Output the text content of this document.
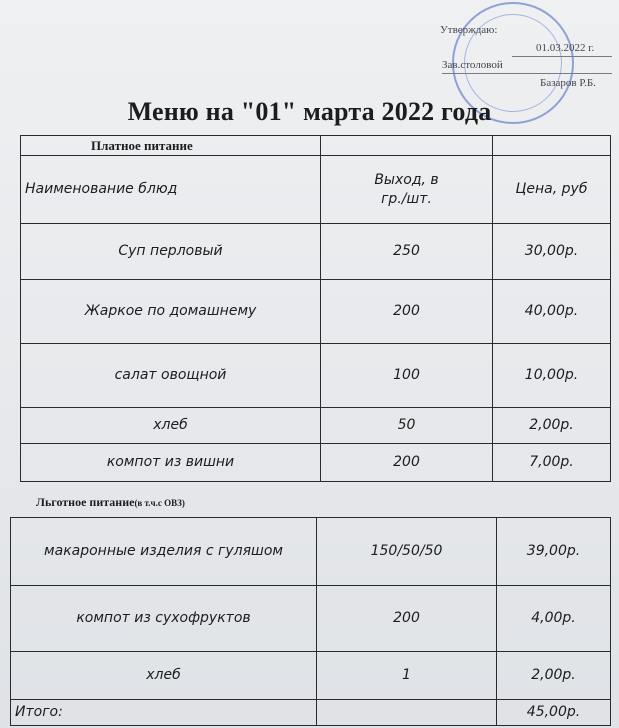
Утверждаю:
01.03.2022 г.
Зав.столовой
Базаров Р.Б.
Меню на "01" марта 2022 года
Платное питание		
Наименование блюд	Выход, в гр./шт.	Цена, руб
Суп перловый	250	30,00р.
Жаркое по домашнему	200	40,00р.
салат овощной	100	10,00р.
хлеб	50	2,00р.
компот из вишни	200	7,00р.
Льготное питание(в т.ч.с ОВЗ)
макаронные изделия с гуляшом	150/50/50	39,00р.
компот из сухофруктов	200	4,00р.
хлеб	1	2,00р.
Итого:		45,00р.
